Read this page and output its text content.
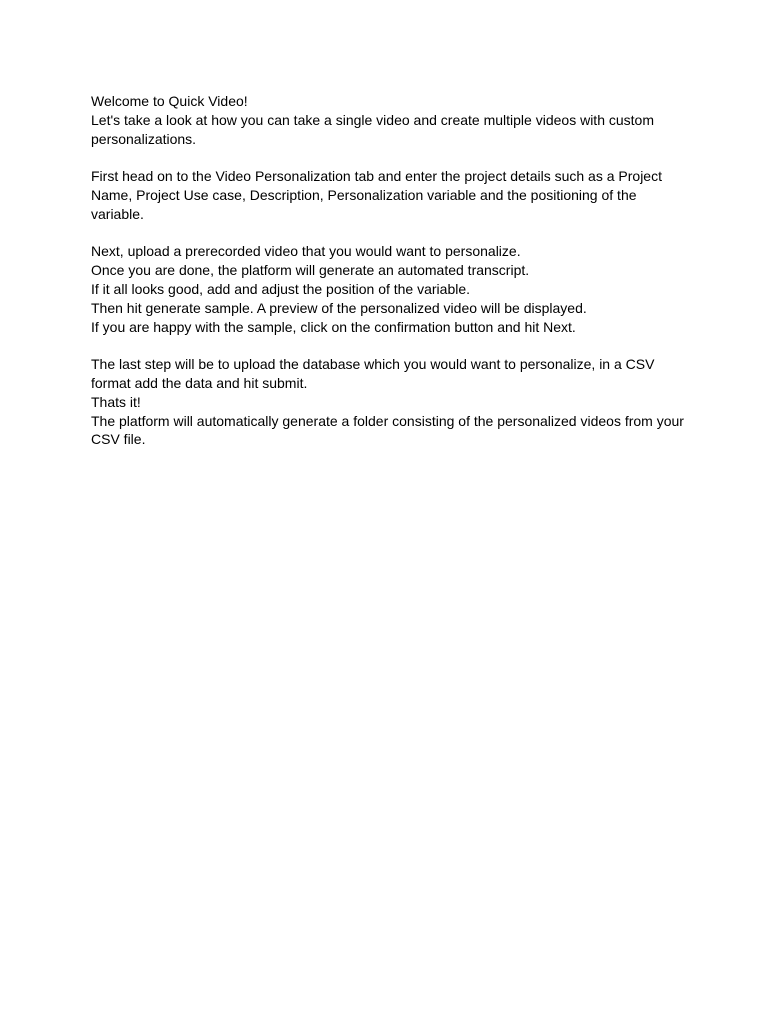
Welcome to Quick Video!
Let's take a look at how you can take a single video and create multiple videos with custom
personalizations.

First head on to the Video Personalization tab and enter the project details such as a Project
Name, Project Use case, Description, Personalization variable and the positioning of the
variable.

Next, upload a prerecorded video that you would want to personalize.
Once you are done, the platform will generate an automated transcript.
If it all looks good, add and adjust the position of the variable.
Then hit generate sample. A preview of the personalized video will be displayed.
If you are happy with the sample, click on the confirmation button and hit Next.

The last step will be to upload the database which you would want to personalize, in a CSV
format add the data and hit submit.
Thats it!
The platform will automatically generate a folder consisting of the personalized videos from your
CSV file.
